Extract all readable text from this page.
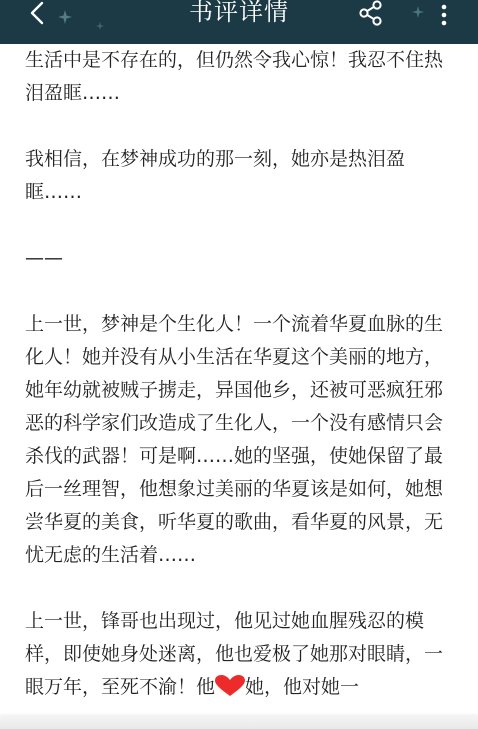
书评详情

生活中是不存在的，但仍然令我心惊！我忍不住热泪盈眶……

我相信，在梦神成功的那一刻，她亦是热泪盈眶……

——

上一世，梦神是个生化人！一个流着华夏血脉的生化人！她并没有从小生活在华夏这个美丽的地方，她年幼就被贼子掳走，异国他乡，还被可恶疯狂邪恶的科学家们改造成了生化人，一个没有感情只会杀伐的武器！可是啊……她的坚强，使她保留了最后一丝理智，他想象过美丽的华夏该是如何，她想尝华夏的美食，听华夏的歌曲，看华夏的风景，无忧无虑的生活着……

上一世，锋哥也出现过，他见过她血腥残忍的模样，即使她身处迷离，他也爱极了她那对眼睛，一眼万年，至死不渝！他 她，他对她一
